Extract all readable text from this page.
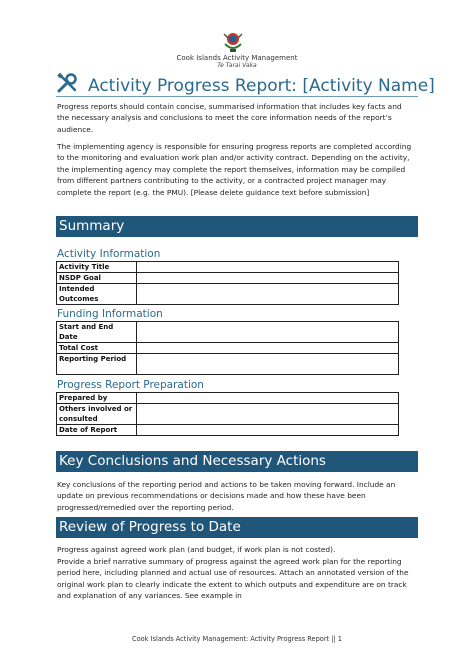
Cook Islands Activity Management
Te Tarai Vaka
Activity Progress Report: [Activity Name]
Progress reports should contain concise, summarised information that includes key facts and the necessary analysis and conclusions to meet the core information needs of the report’s audience.
The implementing agency is responsible for ensuring progress reports are completed according to the monitoring and evaluation work plan and/or activity contract. Depending on the activity, the implementing agency may complete the report themselves, information may be compiled from different partners contributing to the activity, or a contracted project manager may complete the report (e.g. the PMU). [Please delete guidance text before submission]
Summary
Activity Information
Activity Title	
NSDP Goal	
Intended Outcomes	
Funding Information
Start and End Date	
Total Cost	
Reporting Period	
Progress Report Preparation
Prepared by	
Others involved or consulted	
Date of Report	
Key Conclusions and Necessary Actions
Key conclusions of the reporting period and actions to be taken moving forward. Include an update on previous recommendations or decisions made and how these have been progressed/remedied over the reporting period.
Review of Progress to Date
Progress against agreed work plan (and budget, if work plan is not costed).
Provide a brief narrative summary of progress against the agreed work plan for the reporting period here, including planned and actual use of resources. Attach an annotated version of the original work plan to clearly indicate the extent to which outputs and expenditure are on track and explanation of any variances. See example in
Cook Islands Activity Management: Activity Progress Report || 1
